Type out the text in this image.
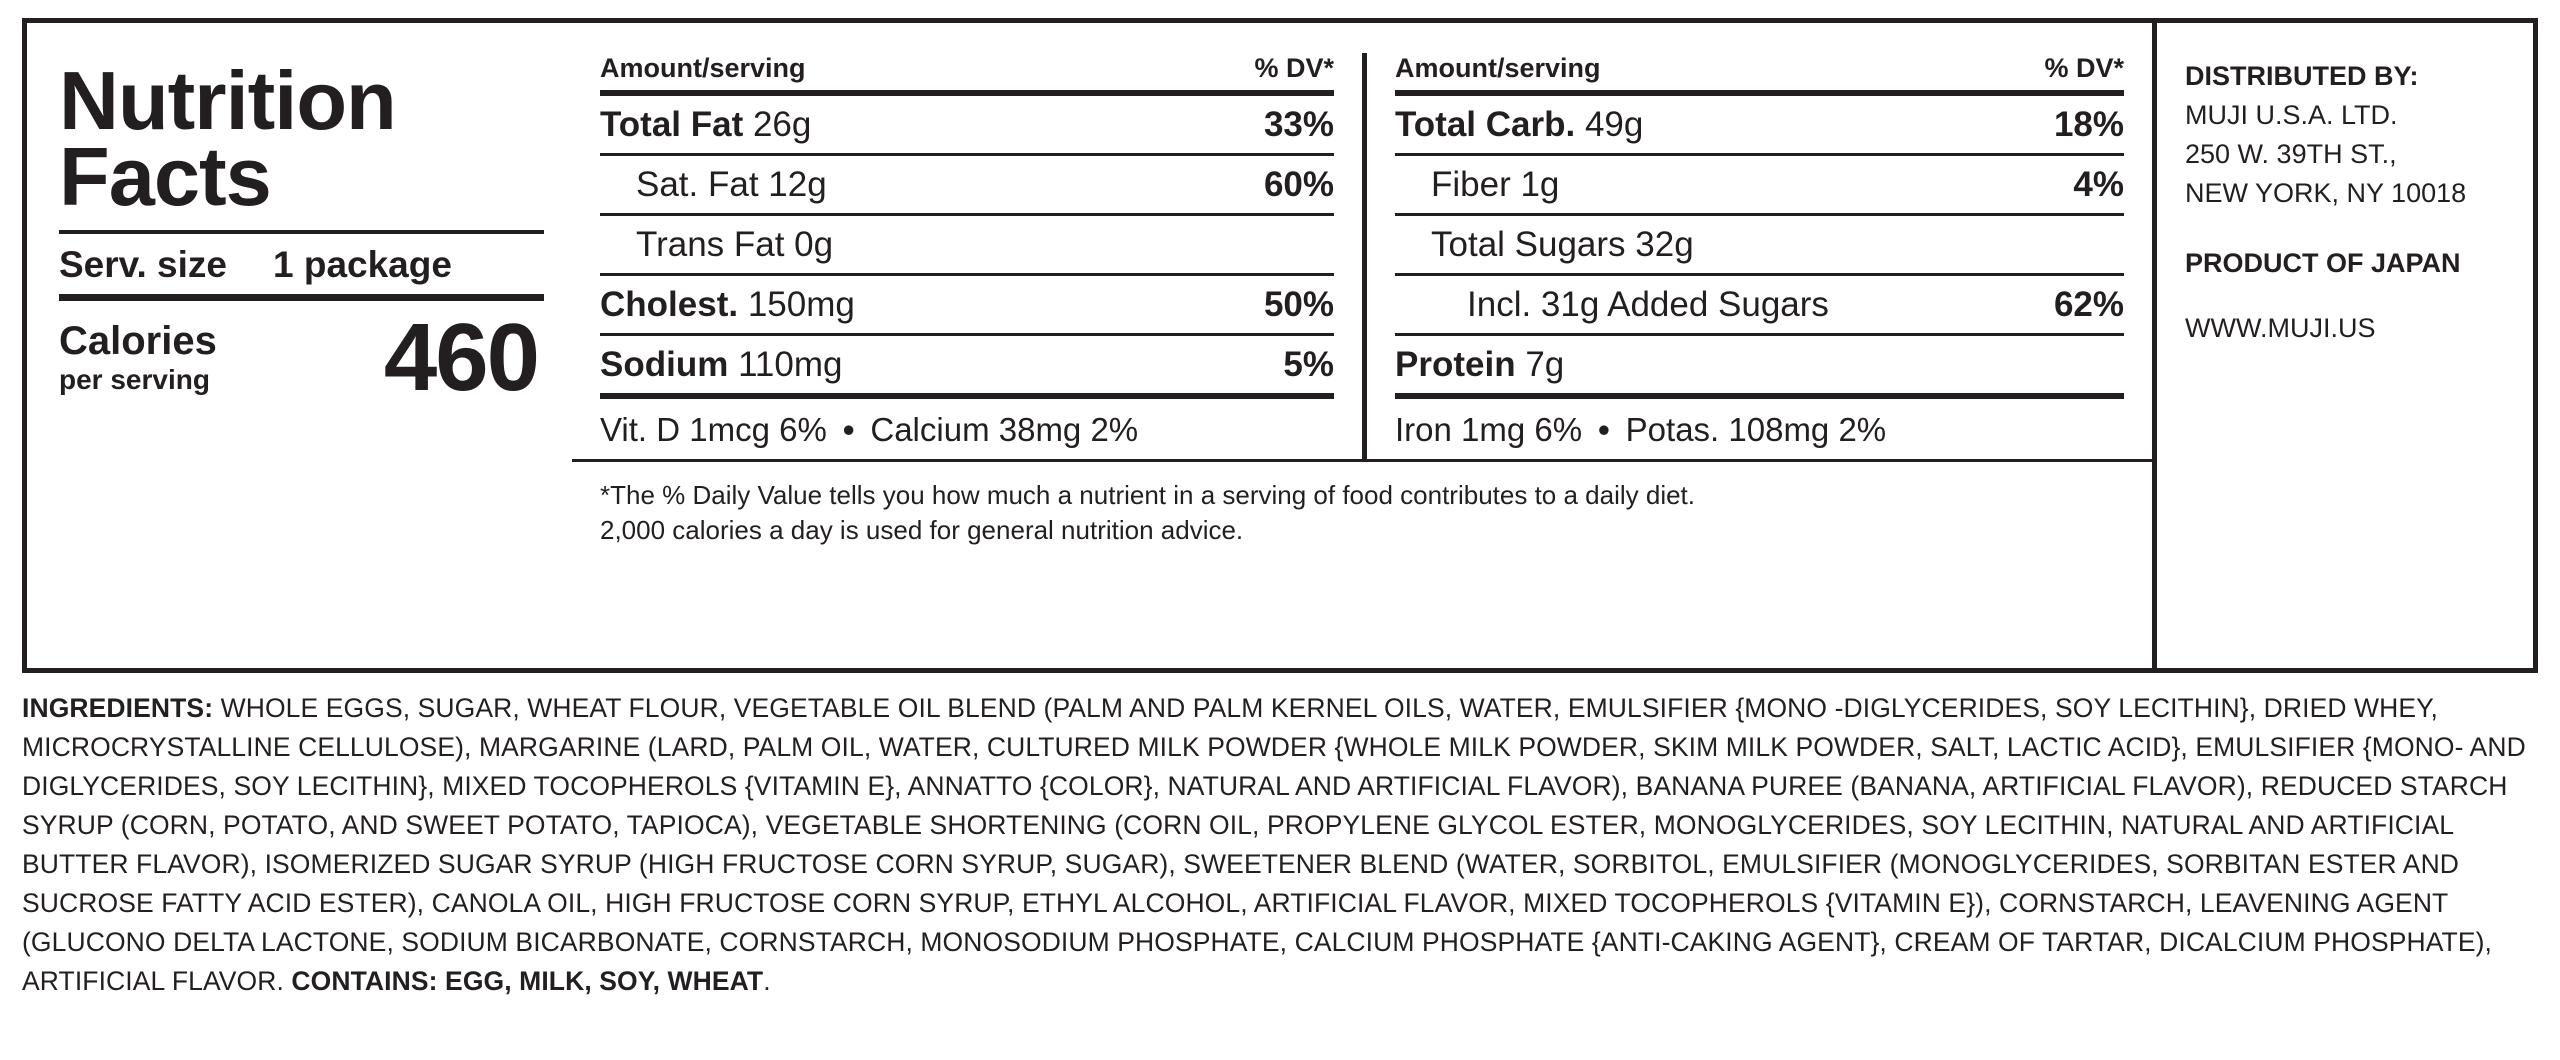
Nutrition
Facts
Serv. size 1 package
Calories
per serving 460
Amount/serving	% DV*
Total Fat 26g	33%
Sat. Fat 12g	60%
Trans Fat 0g
Cholest. 150mg	50%
Sodium 110mg	5%
Amount/serving	% DV*
Total Carb. 49g	18%
Fiber 1g	4%
Total Sugars 32g
Incl. 31g Added Sugars	62%
Protein 7g
Vit. D 1mcg 6% • Calcium 38mg 2%	Iron 1mg 6% • Potas. 108mg 2%
*The % Daily Value tells you how much a nutrient in a serving of food contributes to a daily diet.
2,000 calories a day is used for general nutrition advice.
DISTRIBUTED BY:
MUJI U.S.A. LTD.
250 W. 39TH ST.,
NEW YORK, NY 10018
PRODUCT OF JAPAN
WWW.MUJI.US
INGREDIENTS: WHOLE EGGS, SUGAR, WHEAT FLOUR, VEGETABLE OIL BLEND (PALM AND PALM KERNEL OILS, WATER, EMULSIFIER {MONO -DIGLYCERIDES, SOY LECITHIN}, DRIED WHEY, MICROCRYSTALLINE CELLULOSE), MARGARINE (LARD, PALM OIL, WATER, CULTURED MILK POWDER {WHOLE MILK POWDER, SKIM MILK POWDER, SALT, LACTIC ACID}, EMULSIFIER {MONO- AND DIGLYCERIDES, SOY LECITHIN}, MIXED TOCOPHEROLS {VITAMIN E}, ANNATTO {COLOR}, NATURAL AND ARTIFICIAL FLAVOR), BANANA PUREE (BANANA, ARTIFICIAL FLAVOR), REDUCED STARCH SYRUP (CORN, POTATO, AND SWEET POTATO, TAPIOCA), VEGETABLE SHORTENING (CORN OIL, PROPYLENE GLYCOL ESTER, MONOGLYCERIDES, SOY LECITHIN, NATURAL AND ARTIFICIAL BUTTER FLAVOR), ISOMERIZED SUGAR SYRUP (HIGH FRUCTOSE CORN SYRUP, SUGAR), SWEETENER BLEND (WATER, SORBITOL, EMULSIFIER (MONOGLYCERIDES, SORBITAN ESTER AND SUCROSE FATTY ACID ESTER), CANOLA OIL, HIGH FRUCTOSE CORN SYRUP, ETHYL ALCOHOL, ARTIFICIAL FLAVOR, MIXED TOCOPHEROLS {VITAMIN E}), CORNSTARCH, LEAVENING AGENT (GLUCONO DELTA LACTONE, SODIUM BICARBONATE, CORNSTARCH, MONOSODIUM PHOSPHATE, CALCIUM PHOSPHATE {ANTI-CAKING AGENT}, CREAM OF TARTAR, DICALCIUM PHOSPHATE), ARTIFICIAL FLAVOR. CONTAINS: EGG, MILK, SOY, WHEAT.
